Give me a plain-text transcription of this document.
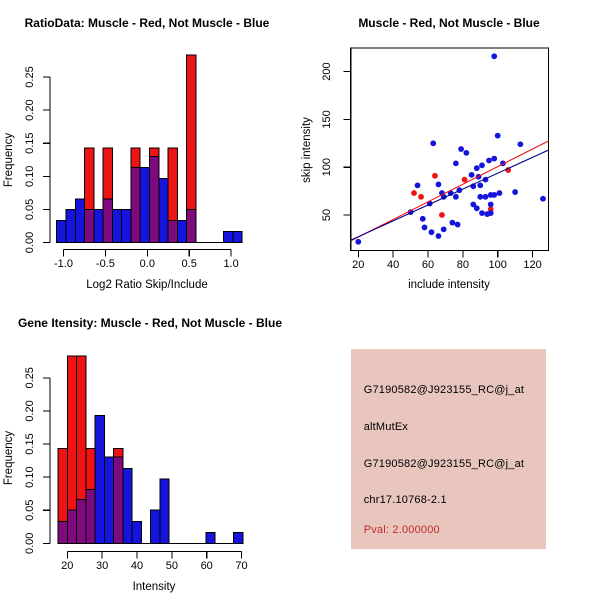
RatioData: Muscle - Red, Not Muscle - Blue
Log2 Ratio Skip/Include
Frequency
0.00
0.05
0.10
0.15
0.20
0.25
-1.0 -0.5 0.0 0.5 1.0
Gene Itensity: Muscle - Red, Not Muscle - Blue
Intensity
Frequency
0.00
0.05
0.10
0.15
0.20
0.25
20 30 40 50 60 70
Muscle - Red, Not Muscle - Blue
include intensity
skip intensity
20 40 60 80 100 120
50
100
150
200
G7190582@J923155_RC@j_at
altMutEx
G7190582@J923155_RC@j_at
chr17.10768-2.1
Pval: 2.000000
